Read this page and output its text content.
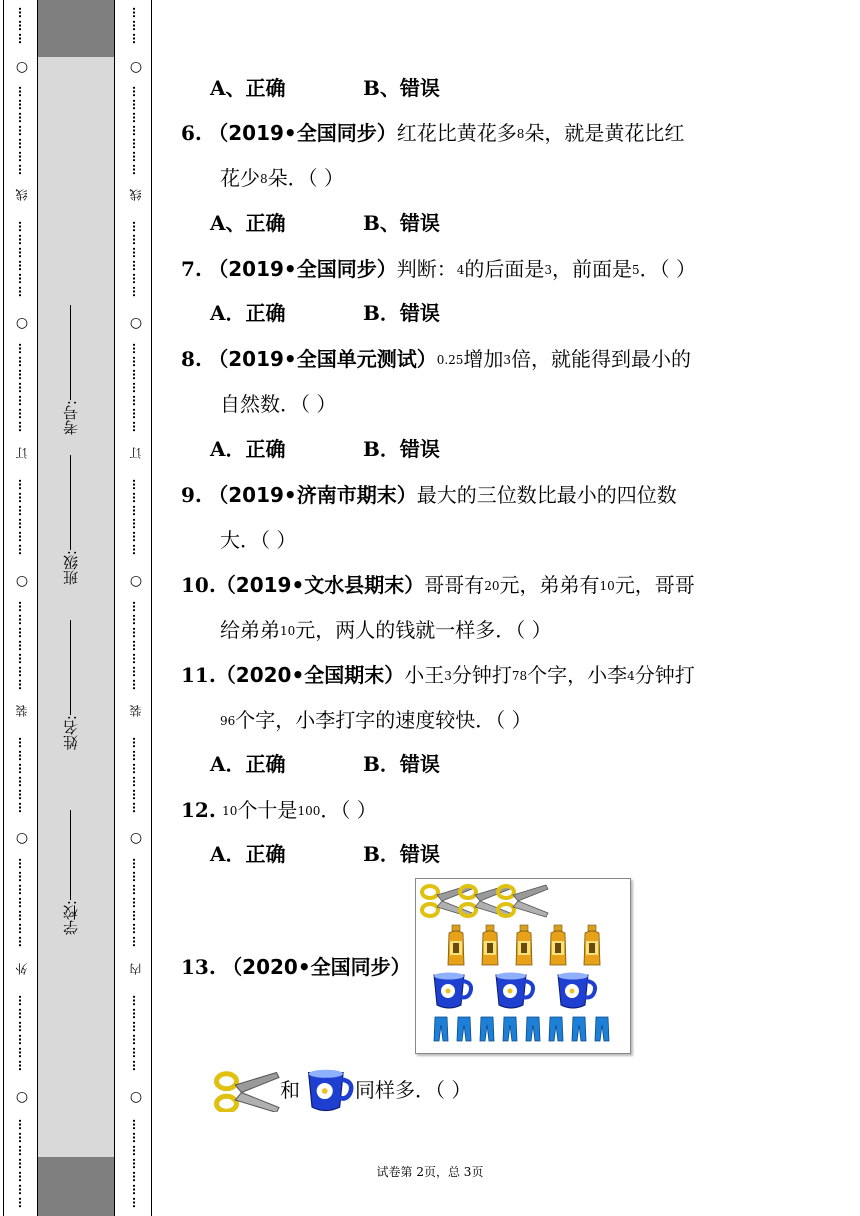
………
…………………
………………
…………………
………………
…………………
………………
…………………
………………
…………………
○
○
○
○
○
线
订
装
外
………
…………………
………………
…………………
………………
…………………
………………
…………………
………………
…………………
○
○
○
○
○
线
订
装
内
学校:
姓名:
班级:
考号:
A、正确	B、错误
6. （2019•全国同步）红花比黄花多8朵，就是黄花比红
花少8朵．（ ）
A、正确	B、错误
7. （2019•全国同步）判断：4的后面是3，前面是5．（ ）
A．正确	B．错误
8. （2019•全国单元测试）0.25增加3倍，就能得到最小的
自然数．（ ）
A．正确	B．错误
9. （2019•济南市期末）最大的三位数比最小的四位数
大．（ ）
10.（2019•文水县期末）哥哥有20元，弟弟有10元，哥哥
给弟弟10元，两人的钱就一样多．（ ）
11.（2020•全国期末）小王3分钟打78个字，小李4分钟打
96个字，小李打字的速度较快．（ ）
A．正确	B．错误
12. 10个十是100．（ ）
A．正确	B．错误
13. （2020•全国同步）
和	同样多．（ ）
试卷第 2页，总 3页
